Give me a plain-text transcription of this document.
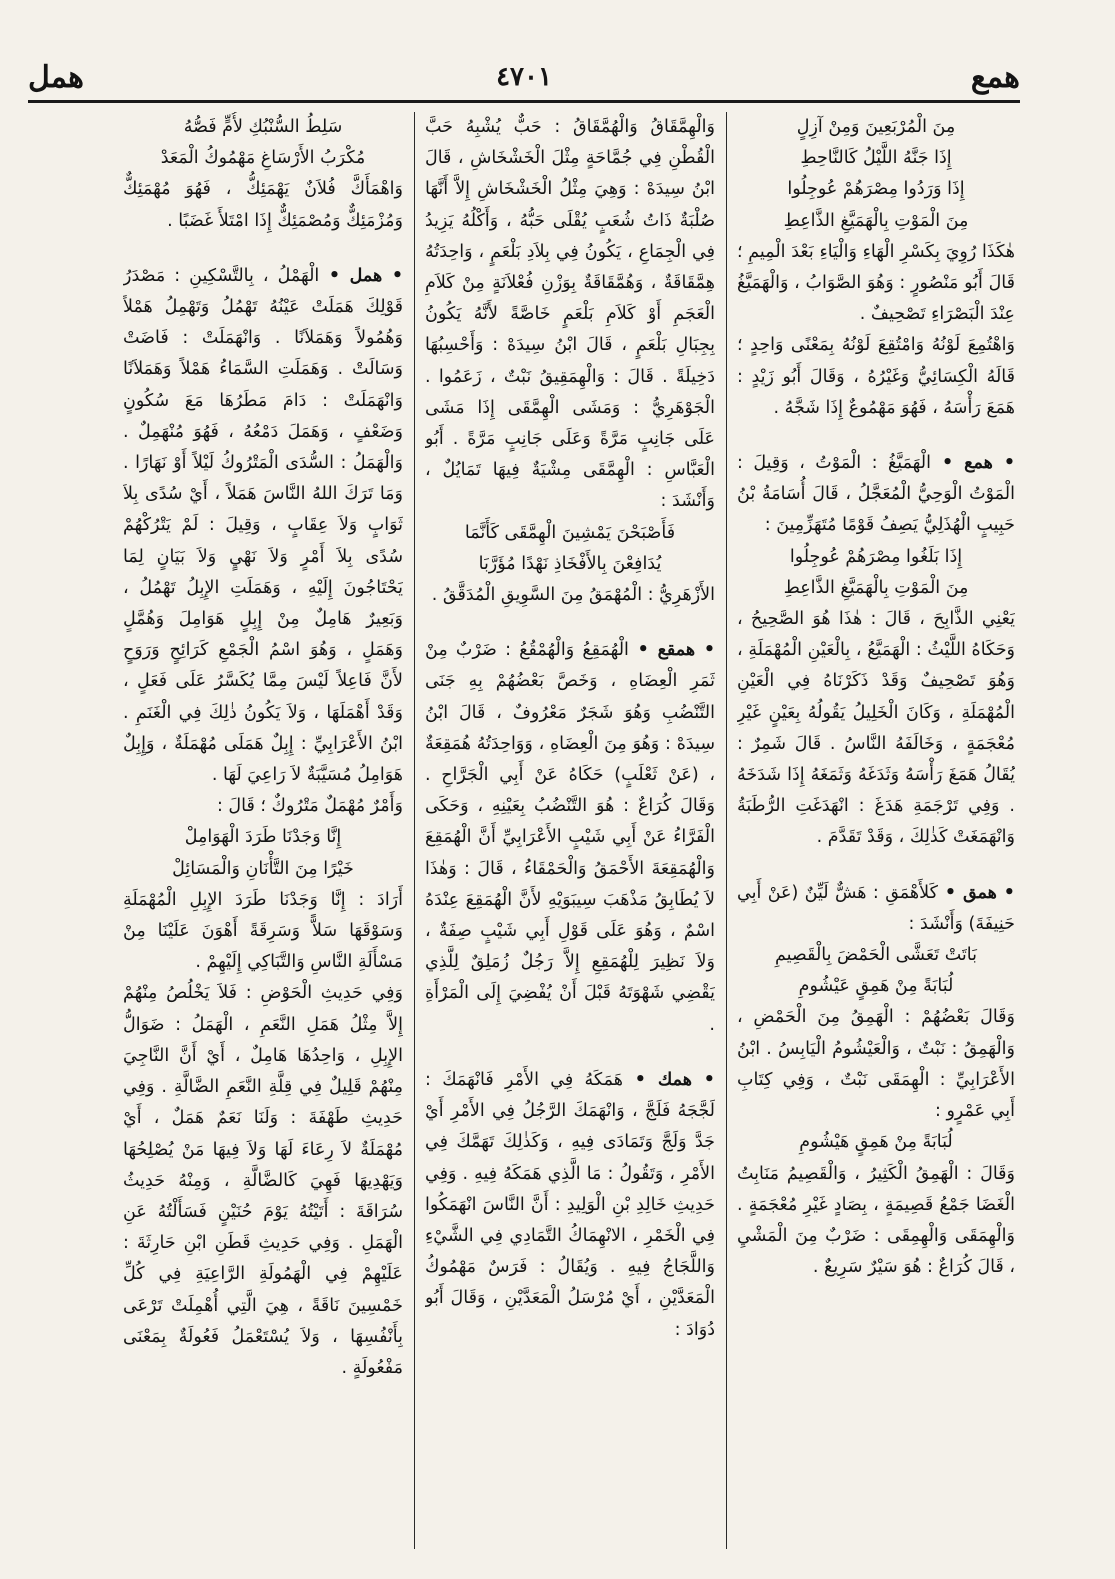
همع
٤٧٠١
همل

مِنَ الْمُرْبَعِينَ وَمِنْ آزِلٍ

إِذَا جَنَّهُ اللَّيْلُ كَالنَّاحِطِ

إِذَا وَرَدُوا مِصْرَهُمْ عُوجِلُوا

مِنَ الْمَوْتِ بِالْهَمَيَّغِ الذَّاعِطِ

هٰكَذَا رُوِيَ بِكَسْرِ الْهَاءِ وَالْيَاءِ بَعْدَ الْمِيمِ ؛ قَالَ أَبُو مَنْصُورٍ : وَهُوَ الصَّوَابُ ، وَالْهَمَيَّغُ عِنْدَ الْبَصْرَاءِ تَصْحِيفٌ .

وَاهْتُمِعَ لَوْنُهُ وَامْتُقِعَ لَوْنُهُ بِمَعْنًى وَاحِدٍ ؛ قَالَهُ الْكِسَائِيُّ وَغَيْرُهُ ، وَقَالَ أَبُو زَيْدٍ : هَمَعَ رَأْسَهُ ، فَهُوَ مَهْمُوعٌ إِذَا شَجَّهُ .

• همع • الْهَمَيَّغُ : الْمَوْتُ ، وَقِيلَ : الْمَوْتُ الْوَحِيُّ الْمُعَجَّلُ ، قَالَ أُسَامَةُ بْنُ حَبِيبٍ الْهُذَلِيُّ يَصِفُ قَوْمًا مُتَهَزِّمِينَ :

إِذَا بَلَغُوا مِصْرَهُمْ عُوجِلُوا

مِنَ الْمَوْتِ بِالْهَمَيَّغِ الذَّاعِطِ

يَعْنِي الذَّابِحَ ، قَالَ : هٰذَا هُوَ الصَّحِيحُ ، وَحَكَاهُ اللَّيْثُ : الْهَمَيَّعُ ، بِالْعَيْنِ الْمُهْمَلَةِ ، وَهُوَ تَصْحِيفٌ وَقَدْ ذَكَرْنَاهُ فِي الْعَيْنِ الْمُهْمَلَةِ ، وَكَانَ الْخَلِيلُ يَقُولُهُ بِعَيْنٍ غَيْرِ مُعْجَمَةٍ ، وَخَالَفَهُ النَّاسُ . قَالَ شَمِرٌ : يُقَالُ هَمَغَ رَأْسَهُ وَثَدَغَهُ وَثَمَغَهُ إِذَا شَدَخَهُ . وَفِي تَرْجَمَةِ هَدَغَ : انْهَدَغَتِ الرُّطَبَةُ وَانْهَمَغَتْ كَذٰلِكَ ، وَقَدْ تَقَدَّمَ .

• همق • كَلأَهْمَقِ : هَشٌّ لَيِّنٌ (عَنْ أَبِي حَنِيفَةَ) وَأَنْشَدَ :

بَاتَتْ تَعَشَّى الْحَمْضَ بِالْقَصِيمِ

لُبَابَةً مِنْ هَمِقٍ عَيْشُومِ

وَقَالَ بَعْضُهُمْ : الْهَمِقُ مِنَ الْحَمْضِ ، وَالْهَمِقُ : نَبْتٌ ، وَالْعَيْشُومُ الْيَابِسُ . ابْنُ الأَعْرَابِيِّ : الْهِمَقَى نَبْتٌ ، وَفِي كِتَابِ أَبِي عَمْرٍو :

لُبَابَةً مِنْ هَمِقٍ هَيْشُومِ

وَقَالَ : الْهَمِقُ الْكَثِيرُ ، وَالْقَصِيمُ مَنَابِتُ الْغَضَا جَمْعُ قَصِيمَةٍ ، بِصَادٍ غَيْرِ مُعْجَمَةٍ . وَالْهِمَقَى وَالْهِمِقَى : ضَرْبٌ مِنَ الْمَشْيِ ، قَالَ كُرَاعٌ : هُوَ سَيْرٌ سَرِيعٌ .

وَالْهِمَّقَاقُ وَالْهُمَّقَاقُ : حَبٌّ يُشْبِهُ حَبَّ الْقُطْنِ فِي جُمَّاحَةٍ مِثْلَ الْخَشْخَاشِ ، قَالَ ابْنُ سِيدَهْ : وَهِيَ مِثْلُ الْخَشْخَاشِ إِلاَّ أَنَّهَا صُلْبَةٌ ذَاتُ شُعَبٍ يُقْلَى حَبُّهُ ، وَأَكْلُهُ يَزِيدُ فِي الْجِمَاعِ ، يَكُونُ فِي بِلاَدِ بَلْعَمٍ ، وَاحِدَتُهُ هِمَّقَاقَةٌ ، وَهُمَّقَاقَةٌ بِوَزْنِ فُعْلاَنَةٍ مِنْ كَلاَمِ الْعَجَمِ أَوْ كَلاَمِ بَلْعَمٍ خَاصَّةً لأَنَّهُ يَكُونُ بِجِبَالِ بَلْعَمٍ ، قَالَ ابْنُ سِيدَهْ : وَأَحْسِبُهَا دَخِيلَةً . قَالَ : وَالْهِمَقِيقُ نَبْتٌ ، زَعَمُوا . الْجَوْهَرِيُّ : وَمَشَى الْهِمَّقَى إِذَا مَشَى عَلَى جَانِبٍ مَرَّةً وَعَلَى جَانِبٍ مَرَّةً . أَبُو الْعَبَّاسِ : الْهِمَّقَى مِشْيَةٌ فِيهَا تَمَايُلٌ ، وَأَنْشَدَ :

فَأَصْبَحْنَ يَمْشِينَ الْهِمَّقَى كَأَنَّمَا

يُدَافِعْنَ بِالأَفْخَاذِ نَهْدًا مُؤَرَّبَا

الأَزْهَرِيُّ : الْمُهْمَقُ مِنَ السَّوِيقِ الْمُدَقَّقُ .

• همقع • الْهُمَقِعُ وَالْهُمْقُعُ : ضَرْبٌ مِنْ ثَمَرِ الْعِضَاهِ ، وَخَصَّ بَعْضُهُمْ بِهِ جَنَى التَّنْضُبِ وَهُوَ شَجَرٌ مَعْرُوفٌ ، قَالَ ابْنُ سِيدَهْ : وَهُوَ مِنَ الْعِضَاهِ ، وَوَاحِدَتُهُ هُمَقِعَةٌ ، (عَنْ ثَعْلَبٍ) حَكَاهُ عَنْ أَبِي الْجَرَّاحِ . وَقَالَ كُرَاعٌ : هُوَ التَّنْضُبُ بِعَيْنِهِ ، وَحَكَى الْفَرَّاءُ عَنْ أَبِي شَيْبٍ الأَعْرَابِيِّ أَنَّ الْهُمَقِعَ وَالْهُمَقِعَةَ الأَحْمَقُ وَالْحَمْقَاءُ ، قَالَ : وَهٰذَا لاَ يُطَابِقُ مَذْهَبَ سِيبَوَيْهِ لأَنَّ الْهُمَقِعَ عِنْدَهُ اسْمٌ ، وَهُوَ عَلَى قَوْلِ أَبِي شَيْبٍ صِفَةٌ ، وَلاَ نَظِيرَ لِلْهُمَقِعِ إِلاَّ رَجُلٌ زُمَلِقٌ لِلَّذِي يَقْضِي شَهْوَتَهُ قَبْلَ أَنْ يُفْضِيَ إِلَى الْمَرْأَةِ .

• همك • هَمَكَهُ فِي الأَمْرِ فَانْهَمَكَ : لَجَّجَهُ فَلَجَّ ، وَانْهَمَكَ الرَّجُلُ فِي الأَمْرِ أَيْ جَدَّ وَلَجَّ وَتَمَادَى فِيهِ ، وَكَذٰلِكَ تَهَمَّكَ فِي الأَمْرِ ، وَتَقُولُ : مَا الَّذِي هَمَكَهُ فِيهِ . وَفِي حَدِيثِ خَالِدِ بْنِ الْوَلِيدِ : أَنَّ النَّاسَ انْهَمَكُوا فِي الْخَمْرِ ، الانْهِمَاكُ التَّمَادِي فِي الشَّيْءِ وَاللَّجَاجُ فِيهِ . وَيُقَالُ : فَرَسٌ مَهْمُوكُ الْمَعَدَّيْنِ ، أَيْ مُرْسَلُ الْمَعَدَّيْنِ ، وَقَالَ أَبُو دُوَادَ :

سَلِطُ السُّنْبُكِ لأُمٍّ فَصُّهُ

مُكْرَبُ الأَرْسَاغِ مَهْمُوكُ الْمَعَدْ

وَاهْمَأَكَّ فُلاَنٌ يَهْمَئِكُّ ، فَهُوَ مُهْمَئِكٌّ وَمُزْمَئِكٌّ وَمُصْمَئِكٌّ إِذَا امْتَلأَ غَضَبًا .

• همل • الْهَمْلُ ، بِالتَّسْكِينِ : مَصْدَرُ قَوْلِكَ هَمَلَتْ عَيْنُهُ تَهْمُلُ وَتَهْمِلُ هَمْلاً وَهُمُولاً وَهَمَلاَنًا . وَانْهَمَلَتْ : فَاضَتْ وَسَالَتْ . وَهَمَلَتِ السَّمَاءُ هَمْلاً وَهَمَلاَنًا وَانْهَمَلَتْ : دَامَ مَطَرُهَا مَعَ سُكُونٍ وَضَعْفٍ ، وَهَمَلَ دَمْعُهُ ، فَهُوَ مُنْهَمِلٌ . وَالْهَمَلُ : السُّدَى الْمَتْرُوكُ لَيْلاً أَوْ نَهَارًا . وَمَا تَرَكَ اللهُ النَّاسَ هَمَلاً ، أَيْ سُدًى بِلاَ ثَوَابٍ وَلاَ عِقَابٍ ، وَقِيلَ : لَمْ يَتْرُكْهُمْ سُدًى بِلاَ أَمْرٍ وَلاَ نَهْيٍ وَلاَ بَيَانٍ لِمَا يَحْتَاجُونَ إِلَيْهِ ، وَهَمَلَتِ الإِبِلُ تَهْمُلُ ، وَبَعِيرٌ هَامِلٌ مِنْ إِبِلٍ هَوَامِلَ وَهُمَّلٍ وَهَمَلٍ ، وَهُوَ اسْمُ الْجَمْعِ كَرَائِحٍ وَرَوَحٍ لأَنَّ فَاعِلاً لَيْسَ مِمَّا يُكَسَّرُ عَلَى فَعَلٍ ، وَقَدْ أَهْمَلَهَا ، وَلاَ يَكُونُ ذٰلِكَ فِي الْغَنَمِ . ابْنُ الأَعْرَابِيِّ : إِبِلٌ هَمَلَى مُهْمَلَةٌ ، وَإِبِلٌ هَوَامِلُ مُسَيَّبَةٌ لاَ رَاعِيَ لَهَا .

وَأَمْرٌ مُهْمَلٌ مَتْرُوكٌ ؛ قَالَ :

إِنَّا وَجَدْنَا طَرَدَ الْهَوَامِلْ

خَيْرًا مِنَ التَّأْنَانِ وَالْمَسَائِلْ

أَرَادَ : إِنَّا وَجَدْنَا طَرَدَ الإِبِلِ الْمُهْمَلَةِ وَسَوْقَهَا سَلاًّ وَسَرِقَةً أَهْوَنَ عَلَيْنَا مِنْ مَسْأَلَةِ النَّاسِ وَالتَّبَاكِي إِلَيْهِمْ .

وَفِي حَدِيثِ الْحَوْضِ : فَلاَ يَخْلُصُ مِنْهُمْ إِلاَّ مِثْلُ هَمَلِ النَّعَمِ ، الْهَمَلُ : ضَوَالُّ الإِبِلِ ، وَاحِدُهَا هَامِلٌ ، أَيْ أَنَّ النَّاجِيَ مِنْهُمْ قَلِيلٌ فِي قِلَّةِ النَّعَمِ الضَّالَّةِ . وَفِي حَدِيثِ طَهْفَةَ : وَلَنَا نَعَمٌ هَمَلٌ ، أَيْ مُهْمَلَةٌ لاَ رِعَاءَ لَهَا وَلاَ فِيهَا مَنْ يُصْلِحُهَا وَيَهْدِيهَا فَهِيَ كَالضَّالَّةِ ، وَمِنْهُ حَدِيثُ سُرَاقَةَ : أَتَيْتُهُ يَوْمَ حُنَيْنٍ فَسَأَلْتُهُ عَنِ الْهَمَلِ . وَفِي حَدِيثِ قَطَنِ ابْنِ حَارِثَةَ : عَلَيْهِمْ فِي الْهَمُولَةِ الرَّاعِيَةِ فِي كُلِّ خَمْسِينَ نَاقَةً ، هِيَ الَّتِي أُهْمِلَتْ تَرْعَى بِأَنْفُسِهَا ، وَلاَ يُسْتَعْمَلُ فَعُولَةٌ بِمَعْنَى مَفْعُولَةٍ .
